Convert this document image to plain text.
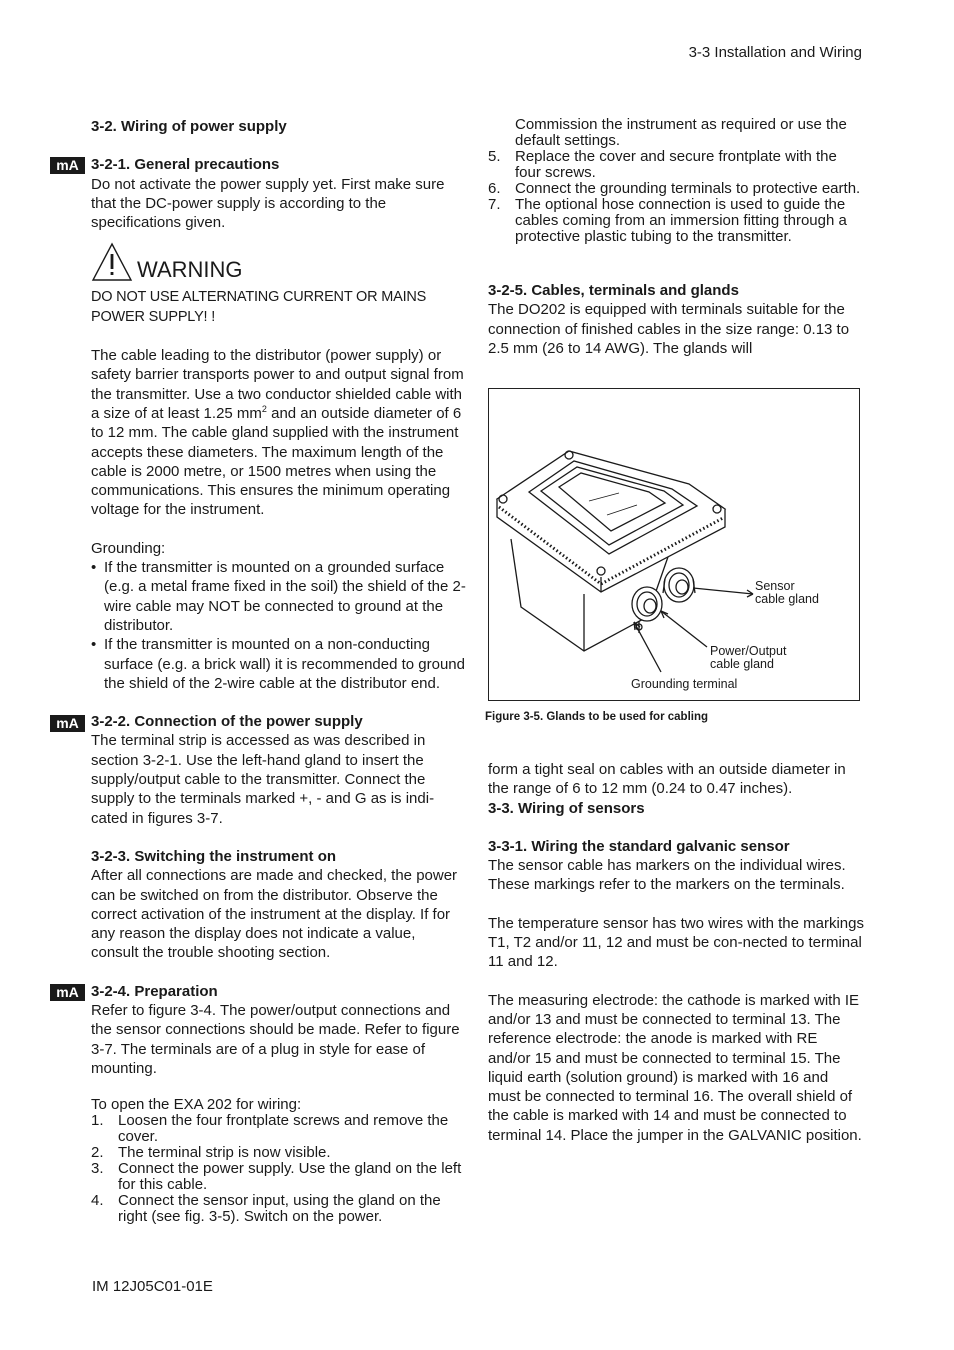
3-3 Installation and Wiring
mA
mA
mA
3-2. Wiring of power supply
3-2-1. General precautions

Do not activate the power supply yet. First make sure that the DC-power supply is according to the specifications given.

WARNING

DO NOT USE ALTERNATING CURRENT OR MAINS POWER SUPPLY! !

The cable leading to the distributor (power supply) or safety barrier transports power to and output signal from the transmitter. Use a two conductor shielded cable with a size of at least 1.25 $mm^2$ and an outside diameter of 6 to 12 mm. The cable gland supplied with the instrument accepts these diameters. The maximum length of the cable is 2000 metre, or 1500 metres when using the communications. This ensures the minimum operating voltage for the instrument.

Grounding:

• If the transmitter is mounted on a grounded surface (e.g. a metal frame fixed in the soil) the shield of the 2-wire cable may NOT be connected to ground at the distributor.
• If the transmitter is mounted on a non-conducting surface (e.g. a brick wall) it is recommended to ground the shield of the 2-wire cable at the distributor end.
3-2-2. Connection of the power supply

The terminal strip is accessed as was described in section 3-2-1. Use the left-hand gland to insert the supply/output cable to the transmitter. Connect the supply to the terminals marked +, - and G as is indi-cated in figures 3-7.

3-2-3. Switching the instrument on

After all connections are made and checked, the power can be switched on from the distributor. Observe the correct activation of the instrument at the display. If for any reason the display does not indicate a value, consult the trouble shooting section.

3-2-4. Preparation

Refer to figure 3-4. The power/output connections and the sensor connections should be made. Refer to figure 3-7. The terminals are of a plug in style for ease of mounting.

To open the EXA 202 for wiring:

1. Loosen the four frontplate screws and remove the cover.
2. The terminal strip is now visible.
3. Connect the power supply. Use the gland on the left for this cable.
4. Connect the sensor input, using the gland on the right (see fig. 3-5). Switch on the power.
Commission the instrument as required or use the default settings.
5. Replace the cover and secure frontplate with the four screws.
6. Connect the grounding terminals to protective earth.
7. The optional hose connection is used to guide the cables coming from an immersion fitting through a protective plastic tubing to the transmitter.
3-2-5. Cables, terminals and glands

The DO202 is equipped with terminals suitable for the connection of finished cables in the size range: 0.13 to 2.5 mm (26 to 14 AWG). The glands will

Sensor
cable gland
Power/Output
cable gland
Grounding terminal
Figure 3-5. Glands to be used for cabling

form a tight seal on cables with an outside diameter in the range of 6 to 12 mm (0.24 to 0.47 inches).

3-3. Wiring of sensors
3-3-1. Wiring the standard galvanic sensor

The sensor cable has markers on the individual wires. These markings refer to the markers on the terminals.

The temperature sensor has two wires with the markings T1, T2 and/or 11, 12 and must be con-nected to terminal 11 and 12.

The measuring electrode: the cathode is marked with IE and/or 13 and must be connected to terminal 13. The reference electrode: the anode is marked with RE and/or 15 and must be connected to terminal 15. The liquid earth (solution ground) is marked with 16 and must be connected to terminal 16. The overall shield of the cable is marked with 14 and must be connected to terminal 14. Place the jumper in the GALVANIC position.

IM 12J05C01-01E
